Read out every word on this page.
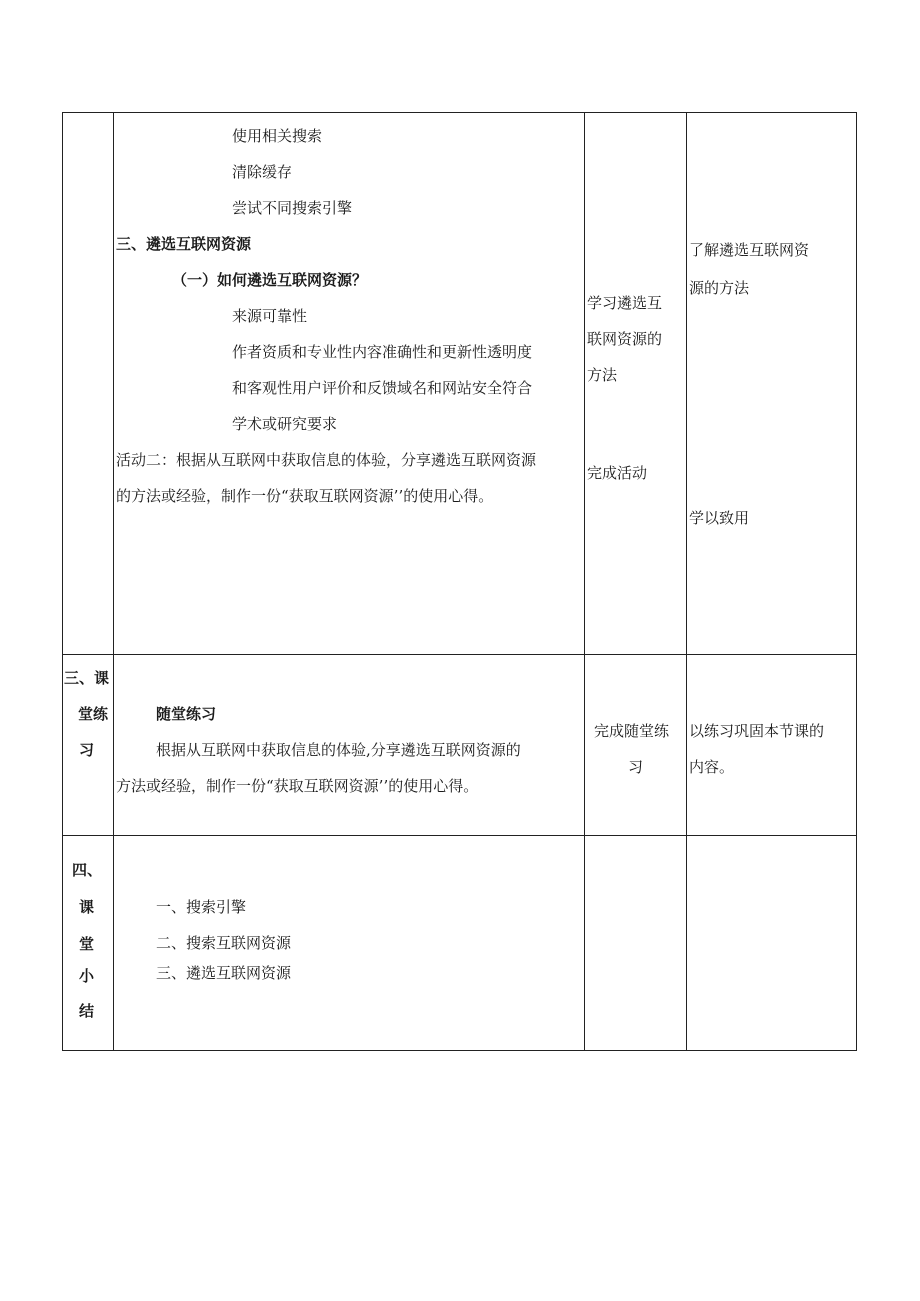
使用相关搜索
清除缓存
尝试不同搜索引擎
三、遴选互联网资源
（一）如何遴选互联网资源？
来源可靠性
作者资质和专业性内容准确性和更新性透明度
和客观性用户评价和反馈域名和网站安全符合
学术或研究要求
活动二：根据从互联网中获取信息的体验，分享遴选互联网资源
的方法或经验，制作一份“获取互联网资源’’的使用心得。
学习遴选互
联网资源的
方法
完成活动
了解遴选互联网资
源的方法
学以致用
三、课
堂练
习
随堂练习
根据从互联网中获取信息的体验,分享遴选互联网资源的
方法或经验，制作一份“获取互联网资源’’的使用心得。
完成随堂练
习
以练习巩固本节课的
内容。
四、
课
堂
小
结
一、搜索引擎
二、搜索互联网资源
三、遴选互联网资源
